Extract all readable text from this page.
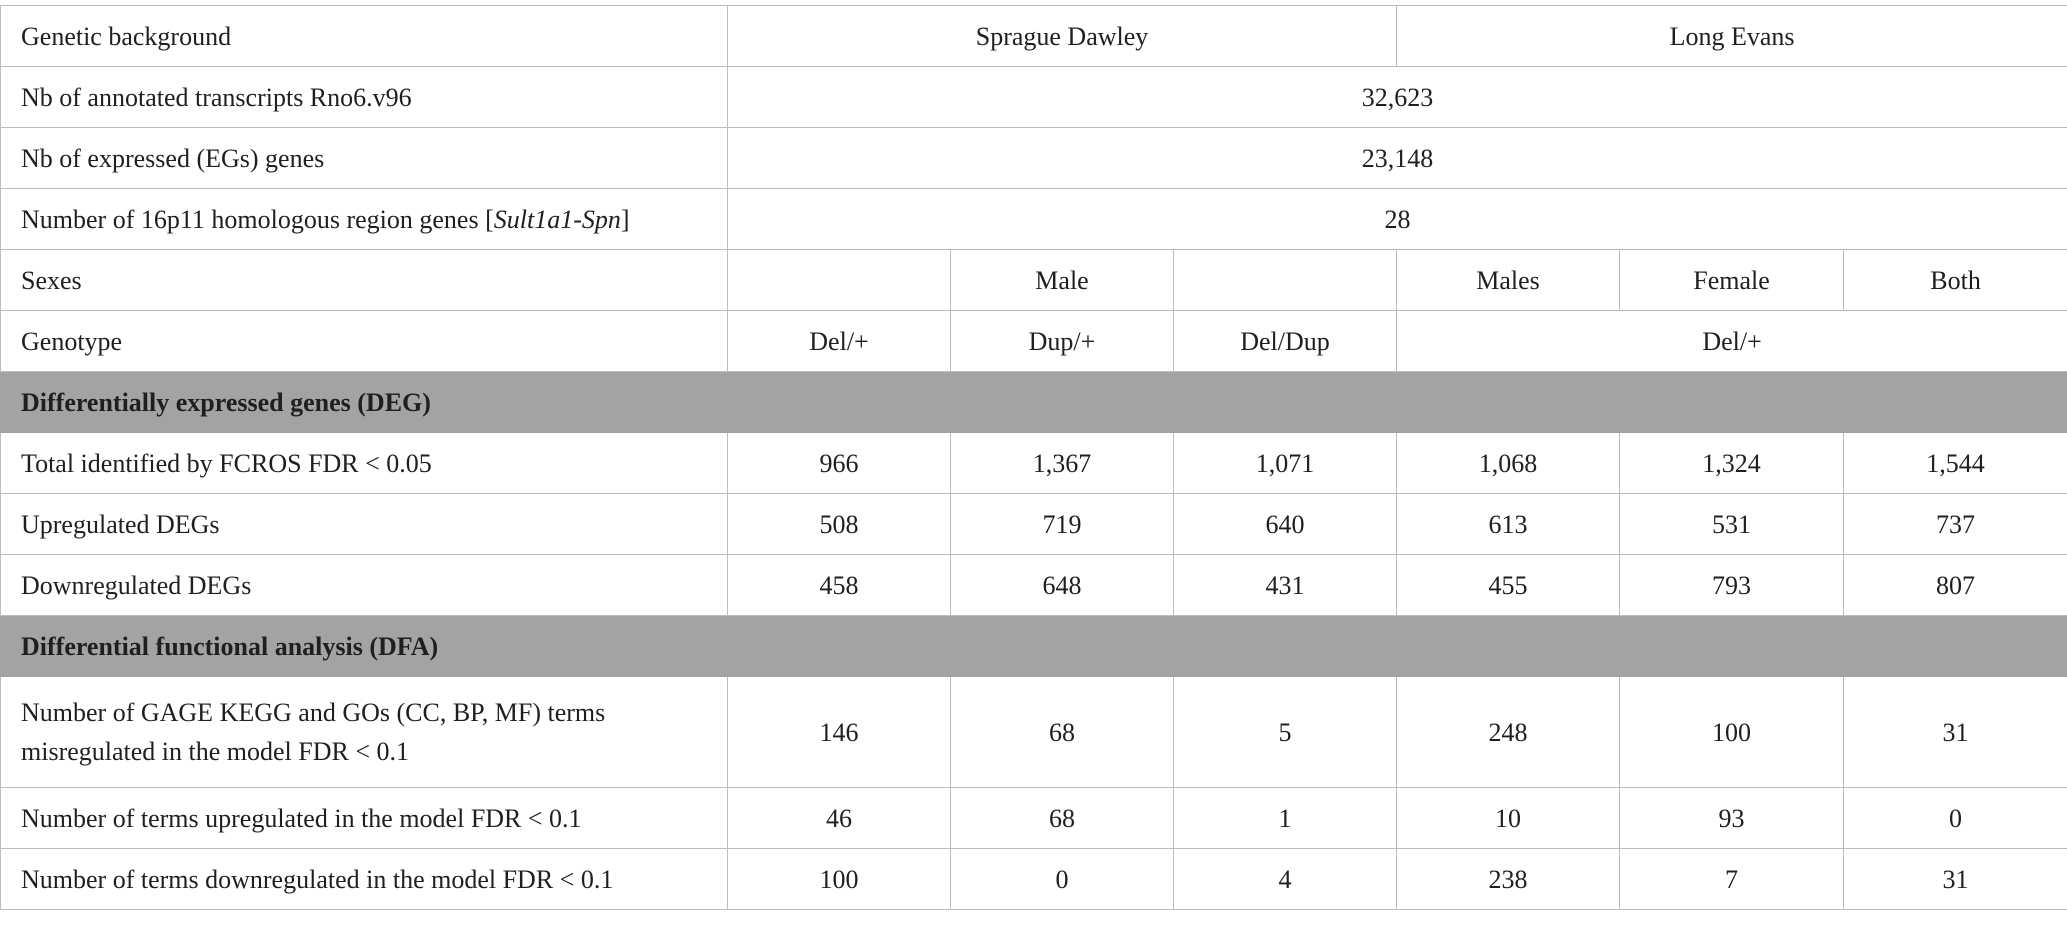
Genetic background	Sprague Dawley			Long Evans		
Nb of annotated transcripts Rno6.v96	32,623					
Nb of expressed (EGs) genes	23,148					
Number of 16p11 homologous region genes [Sult1a1-Spn]	28					
Sexes		Male		Males	Female	Both
Genotype	Del/+	Dup/+	Del/Dup	Del/+		
Differentially expressed genes (DEG)						
Total identified by FCROS FDR < 0.05	966	1,367	1,071	1,068	1,324	1,544
Upregulated DEGs	508	719	640	613	531	737
Downregulated DEGs	458	648	431	455	793	807
Differential functional analysis (DFA)						
Number of GAGE KEGG and GOs (CC, BP, MF) terms
misregulated in the model FDR < 0.1	146	68	5	248	100	31
Number of terms upregulated in the model FDR < 0.1	46	68	1	10	93	0
Number of terms downregulated in the model FDR < 0.1	100	0	4	238	7	31
